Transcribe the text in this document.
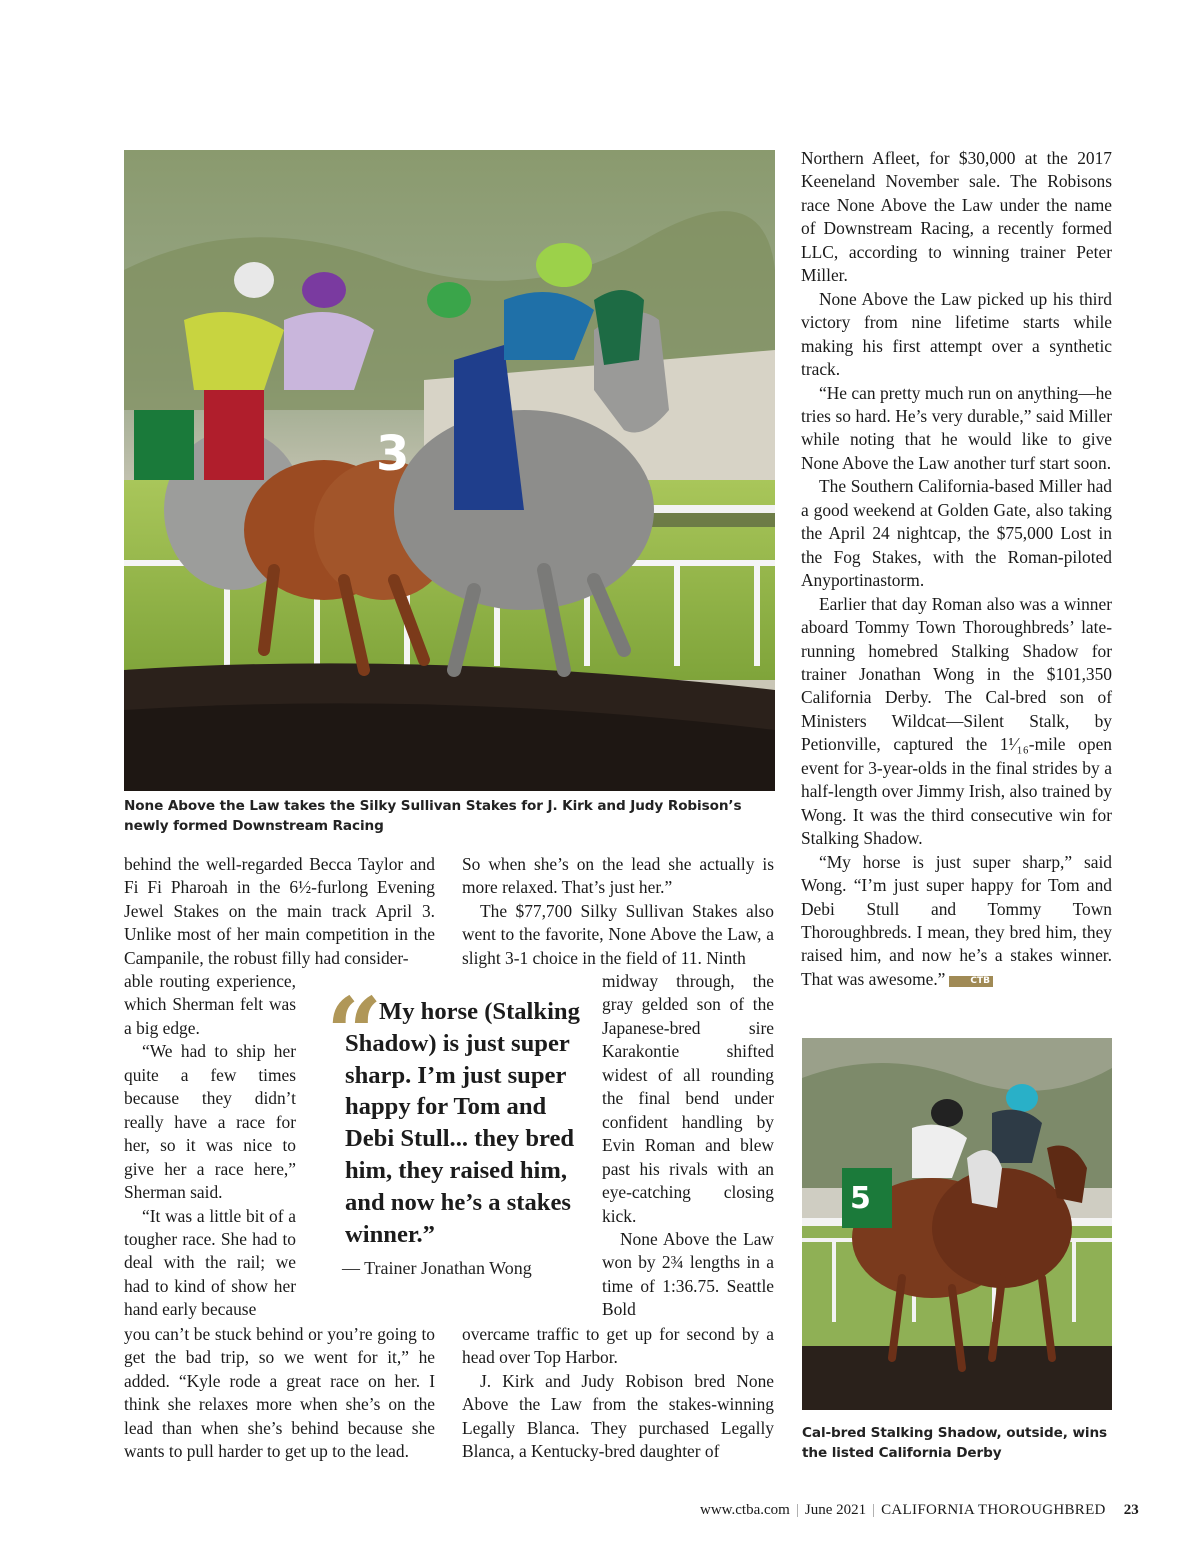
3
None Above the Law takes the Silky Sullivan Stakes for J. Kirk and Judy Robison’s newly formed Downstream Racing

behind the well-regarded Becca Taylor and Fi Fi Pharoah in the 6½-furlong Evening Jewel Stakes on the main track April 3. Unlike most of her main competition in the Campanile, the robust filly had consider-

able routing experience, which Sherman felt was a big edge.

“We had to ship her quite a few times because they didn’t really have a race for her, so it was nice to give her a race here,” Sherman said.

“It was a little bit of a tougher race. She had to deal with the rail; we had to kind of show her hand early because

you can’t be stuck behind or you’re going to get the bad trip, so we went for it,” he added. “Kyle rode a great race on her. I think she relaxes more when she’s on the lead than when she’s behind because she wants to pull harder to get up to the lead.

So when she’s on the lead she actually is more relaxed. That’s just her.”

The $77,700 Silky Sullivan Stakes also went to the favorite, None Above the Law, a slight 3-1 choice in the field of 11. Ninth

midway through, the gray gelded son of the Japanese-bred sire Karakontie shifted widest of all rounding the final bend under confident handling by Evin Roman and blew past his rivals with an eye-catching closing kick.

None Above the Law won by 2¾ lengths in a time of 1:36.75. Seattle Bold

overcame traffic to get up for second by a head over Top Harbor.

J. Kirk and Judy Robison bred None Above the Law from the stakes-winning Legally Blanca. They purchased Legally Blanca, a Kentucky-bred daughter of

“
My horse (Stalking Shadow) is just super sharp. I’m just super happy for Tom and Debi Stull... they bred him, they raised him, and now he’s a stakes winner.”
— Trainer Jonathan Wong

Northern Afleet, for $30,000 at the 2017 Keeneland November sale. The Robisons race None Above the Law under the name of Downstream Racing, a recently formed LLC, according to winning trainer Peter Miller.

None Above the Law picked up his third victory from nine lifetime starts while making his first attempt over a synthetic track.

“He can pretty much run on anything—he tries so hard. He’s very durable,” said Miller while noting that he would like to give None Above the Law another turf start soon.

The Southern California-based Miller had a good weekend at Golden Gate, also taking the April 24 nightcap, the $75,000 Lost in the Fog Stakes, with the Roman-piloted Anyportinastorm.

Earlier that day Roman also was a winner aboard Tommy Town Thoroughbreds’ late-running homebred Stalking Shadow for trainer Jonathan Wong in the $101,350 California Derby. The Cal-bred son of Ministers Wildcat—Silent Stalk, by Petionville, captured the 1¹⁄₁₆-mile open event for 3-year-olds in the final strides by a half-length over Jimmy Irish, also trained by Wong. It was the third consecutive win for Stalking Shadow.

“My horse is just super sharp,” said Wong. “I’m just super happy for Tom and Debi Stull and Tommy Town Thoroughbreds. I mean, they bred him, they raised him, and now he’s a stakes winner. That was awesome.”	CTB

5
Cal-bred Stalking Shadow, outside, wins the listed California Derby
www.ctba.com | June 2021 | CALIFORNIA THOROUGHBRED 23
